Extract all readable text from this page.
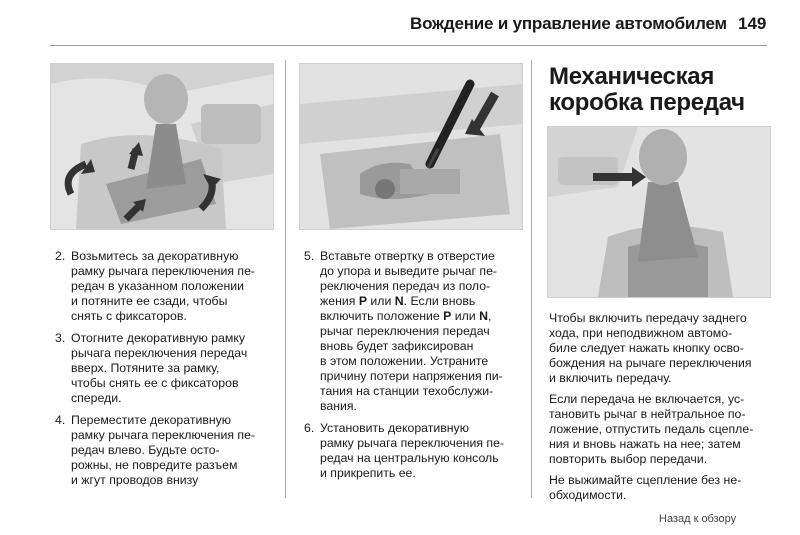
Вождение и управление автомобилем 149
2. Возьмитесь за декоративную
рамку рычага переключения пе-
редач в указанном положении
и потяните ее сзади, чтобы
снять с фиксаторов.
3. Отогните декоративную рамку
рычага переключения передач
вверх. Потяните за рамку,
чтобы снять ее с фиксаторов
спереди.
4. Переместите декоративную
рамку рычага переключения пе-
редач влево. Будьте осто-
рожны, не повредите разъем
и жгут проводов внизу
5. Вставьте отвертку в отверстие
до упора и выведите рычаг пе-
реключения передач из поло-
жения P или N. Если вновь
включить положение P или N,
рычаг переключения передач
вновь будет зафиксирован
в этом положении. Устраните
причину потери напряжения пи-
тания на станции техобслужи-
вания.
6. Установить декоративную
рамку рычага переключения пе-
редач на центральную консоль
и прикрепить ее.
Механическая
коробка передач

Чтобы включить передачу заднего
хода, при неподвижном автомо-
биле следует нажать кнопку осво-
бождения на рычаге переключения
и включить передачу.

Если передача не включается, ус-
тановить рычаг в нейтральное по-
ложение, отпустить педаль сцепле-
ния и вновь нажать на нее; затем
повторить выбор передачи.

Не выжимайте сцепление без не-
обходимости.

Назад к обзору
